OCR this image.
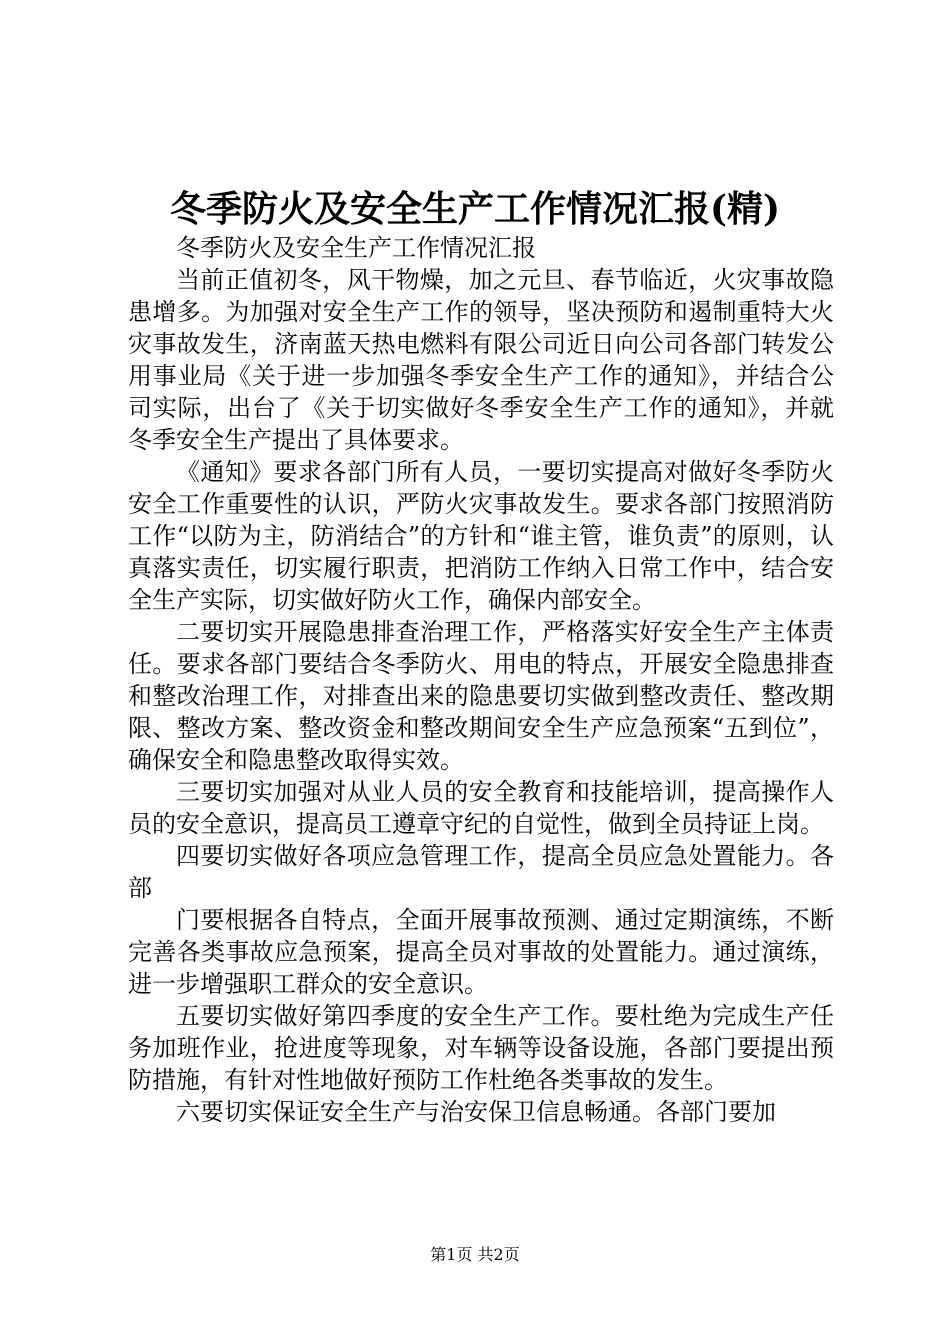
冬季防火及安全生产工作情况汇报(精)

冬季防火及安全生产工作情况汇报

当前正值初冬，风干物燥，加之元旦、春节临近，火灾事故隐患增多。为加强对安全生产工作的领导，坚决预防和遏制重特大火灾事故发生，济南蓝天热电燃料有限公司近日向公司各部门转发公用事业局《关于进一步加强冬季安全生产工作的通知》，并结合公司实际，出台了《关于切实做好冬季安全生产工作的通知》，并就冬季安全生产提出了具体要求。

《通知》要求各部门所有人员，一要切实提高对做好冬季防火安全工作重要性的认识，严防火灾事故发生。要求各部门按照消防工作“以防为主，防消结合”的方针和“谁主管，谁负责”的原则，认真落实责任，切实履行职责，把消防工作纳入日常工作中，结合安全生产实际，切实做好防火工作，确保内部安全。

二要切实开展隐患排查治理工作，严格落实好安全生产主体责任。要求各部门要结合冬季防火、用电的特点，开展安全隐患排查和整改治理工作，对排查出来的隐患要切实做到整改责任、整改期限、整改方案、整改资金和整改期间安全生产应急预案“五到位”，确保安全和隐患整改取得实效。

三要切实加强对从业人员的安全教育和技能培训，提高操作人员的安全意识，提高员工遵章守纪的自觉性，做到全员持证上岗。

四要切实做好各项应急管理工作，提高全员应急处置能力。各部

门要根据各自特点，全面开展事故预测、通过定期演练，不断完善各类事故应急预案，提高全员对事故的处置能力。通过演练，进一步增强职工群众的安全意识。

五要切实做好第四季度的安全生产工作。要杜绝为完成生产任务加班作业，抢进度等现象，对车辆等设备设施，各部门要提出预防措施，有针对性地做好预防工作杜绝各类事故的发生。

六要切实保证安全生产与治安保卫信息畅通。各部门要加

第1页 共2页
